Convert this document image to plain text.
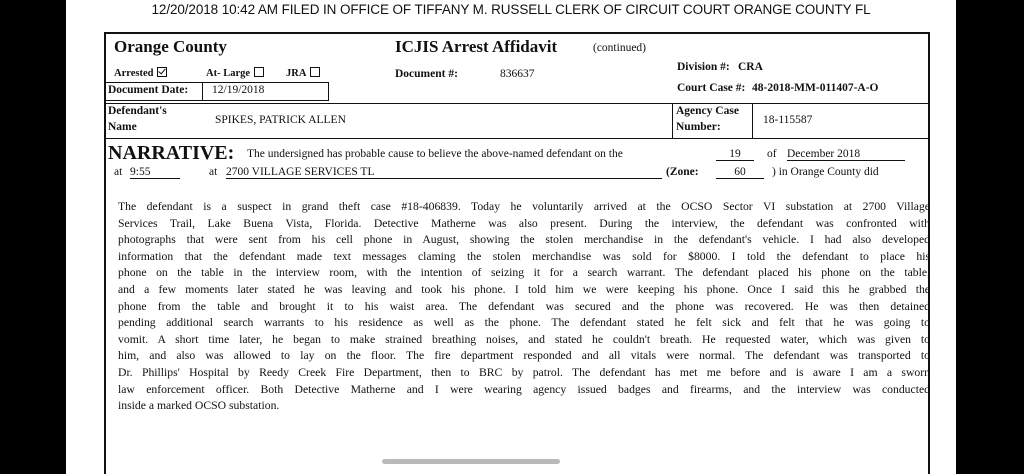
12/20/2018 10:42 AM FILED IN OFFICE OF TIFFANY M. RUSSELL CLERK OF CIRCUIT COURT ORANGE COUNTY FL
Orange County	ICJIS Arrest Affidavit	(continued)
Arrested	At- Large	JRA	Document #:	836637
Division #: CRA
Court Case #: 48-2018-MM-011407-A-O
Document Date: 12/19/2018
Defendant's
Name
SPIKES, PATRICK ALLEN
Agency Case
Number:
18-115587
NARRATIVE: The undersigned has probable cause to believe the above-named defendant on the	19	of December 2018
at 9:55	at 2700 VILLAGE SERVICES TL	(Zone:	60	) in Orange County did
The defendant is a suspect in grand theft case #18-406839. Today he voluntarily arrived at the OCSO Sector VI substation at 2700 Village
Services Trail, Lake Buena Vista, Florida. Detective Matherne was also present. During the interview, the defendant was confronted with
photographs that were sent from his cell phone in August, showing the stolen merchandise in the defendant's vehicle. I had also developed
information that the defendant made text messages claming the stolen merchandise was sold for $8000. I told the defendant to place his
phone on the table in the interview room, with the intention of seizing it for a search warrant. The defendant placed his phone on the table,
and a few moments later stated he was leaving and took his phone. I told him we were keeping his phone. Once I said this he grabbed the
phone from the table and brought it to his waist area. The defendant was secured and the phone was recovered. He was then detained
pending additional search warrants to his residence as well as the phone. The defendant stated he felt sick and felt that he was going to
vomit. A short time later, he began to make strained breathing noises, and stated he couldn't breath. He requested water, which was given to
him, and also was allowed to lay on the floor. The fire department responded and all vitals were normal. The defendant was transported to
Dr. Phillips' Hospital by Reedy Creek Fire Department, then to BRC by patrol. The defendant has met me before and is aware I am a sworn
law enforcement officer. Both Detective Matherne and I were wearing agency issued badges and firearms, and the interview was conducted
inside a marked OCSO substation.
